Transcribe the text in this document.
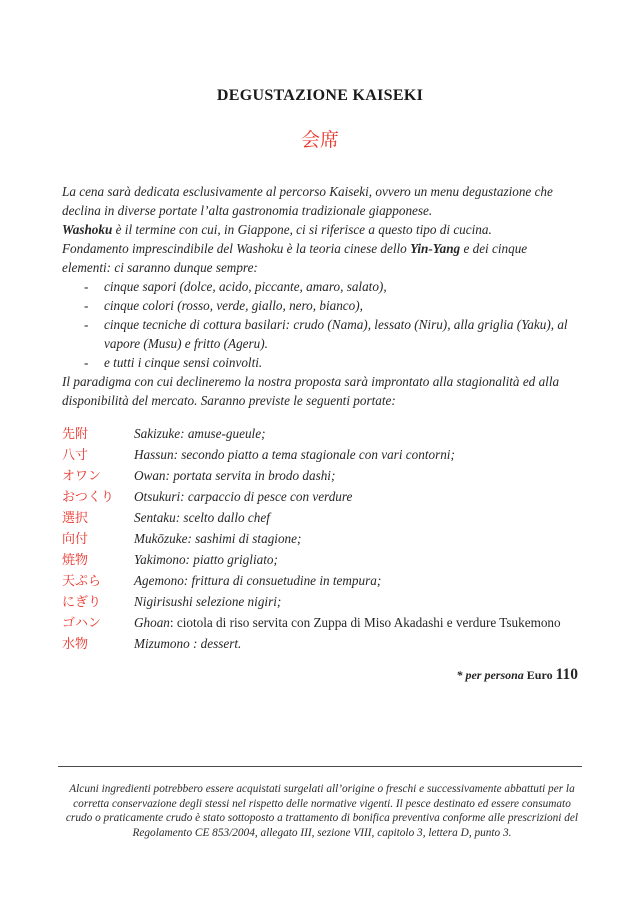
DEGUSTAZIONE KAISEKI
会席

La cena sarà dedicata esclusivamente al percorso Kaiseki, ovvero un menu degustazione che declina in diverse portate l’alta gastronomia tradizionale giapponese.

Washoku è il termine con cui, in Giappone, ci si riferisce a questo tipo di cucina.

Fondamento imprescindibile del Washoku è la teoria cinese dello Yin-Yang e dei cinque elementi: ci saranno dunque sempre:

-	cinque sapori (dolce, acido, piccante, amaro, salato),
-	cinque colori (rosso, verde, giallo, nero, bianco),
-	cinque tecniche di cottura basilari: crudo (Nama), lessato (Niru), alla griglia (Yaku), al vapore (Musu) e fritto (Ageru).
-	e tutti i cinque sensi coinvolti.

Il paradigma con cui declineremo la nostra proposta sarà improntato alla stagionalità ed alla disponibilità del mercato. Saranno previste le seguenti portate:

先附	Sakizuke: amuse-gueule;
八寸	Hassun: secondo piatto a tema stagionale con vari contorni;
オワン	Owan: portata servita in brodo dashi;
おつくり	Otsukuri: carpaccio di pesce con verdure
選択	Sentaku: scelto dallo chef
向付	Mukōzuke: sashimi di stagione;
焼物	Yakimono: piatto grigliato;
天ぷら	Agemono: frittura di consuetudine in tempura;
にぎり	Nigirisushi selezione nigiri;
ゴハン	Ghoan: ciotola di riso servita con Zuppa di Miso Akadashi e verdure Tsukemono
水物	Mizumono : dessert.
* per persona Euro 110

Alcuni ingredienti potrebbero essere acquistati surgelati all’origine o freschi e successivamente abbattuti per la corretta conservazione degli stessi nel rispetto delle normative vigenti. Il pesce destinato ed essere consumato crudo o praticamente crudo è stato sottoposto a trattamento di bonifica preventiva conforme alle prescrizioni del Regolamento CE 853/2004, allegato III, sezione VIII, capitolo 3, lettera D, punto 3.
